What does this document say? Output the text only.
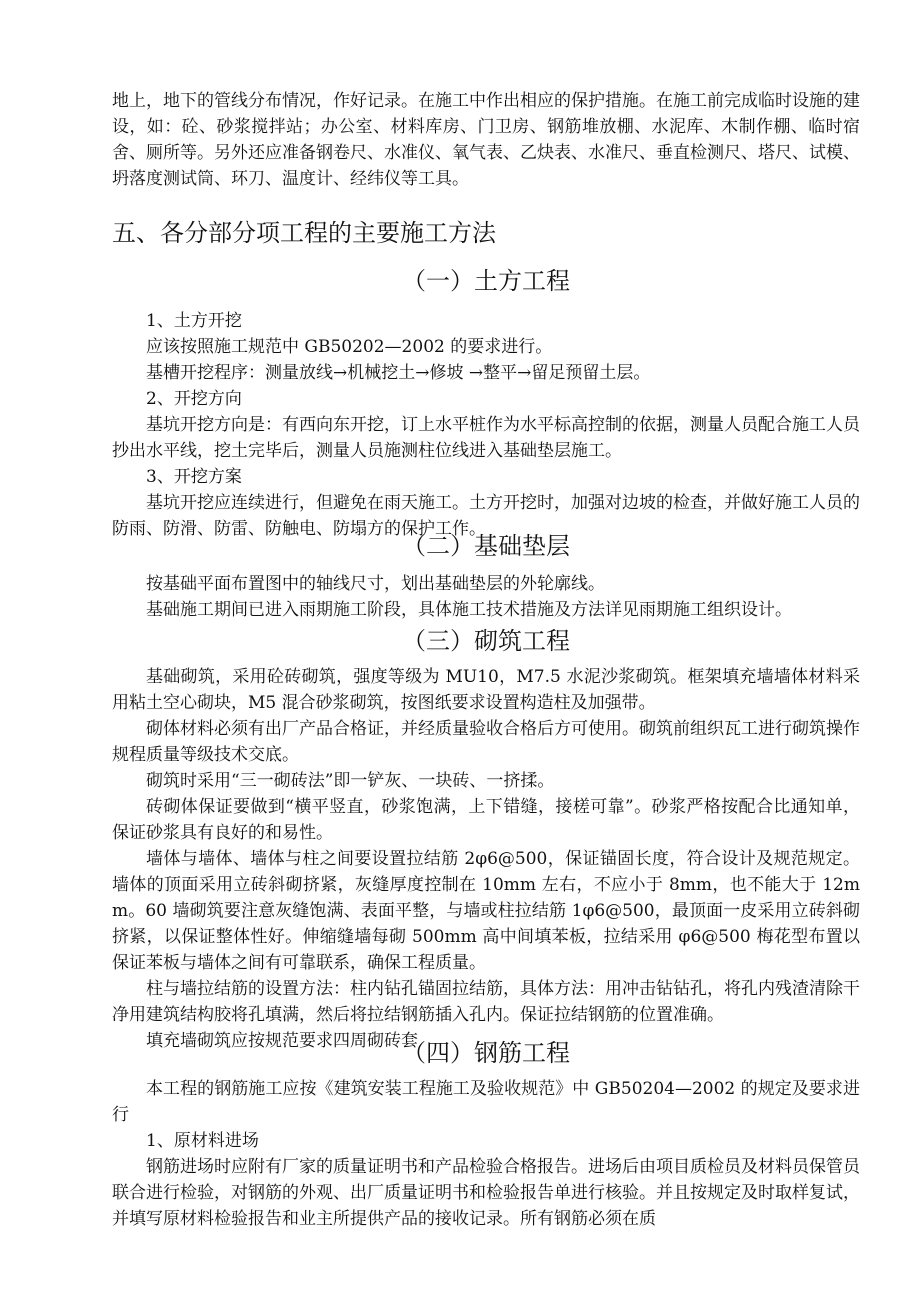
地上，地下的管线分布情况，作好记录。在施工中作出相应的保护措施。在施工前完成临时设施的建设，如：砼、砂浆搅拌站；办公室、材料库房、门卫房、钢筋堆放棚、水泥库、木制作棚、临时宿舍、厕所等。另外还应准备钢卷尺、水准仪、氧气表、乙炔表、水准尺、垂直检测尺、塔尺、试模、坍落度测试筒、环刀、温度计、经纬仪等工具。

五、各分部分项工程的主要施工方法
（一）土方工程

1、土方开挖

应该按照施工规范中 GB50202—2002 的要求进行。

基槽开挖程序：测量放线→机械挖土→修坡 →整平→留足预留土层。

2、开挖方向

基坑开挖方向是：有西向东开挖，订上水平桩作为水平标高控制的依据，测量人员配合施工人员抄出水平线，挖土完毕后，测量人员施测柱位线进入基础垫层施工。

3、开挖方案

基坑开挖应连续进行，但避免在雨天施工。土方开挖时，加强对边坡的检查，并做好施工人员的防雨、防滑、防雷、防触电、防塌方的保护工作。

（二）基础垫层

按基础平面布置图中的轴线尺寸，划出基础垫层的外轮廓线。

基础施工期间已进入雨期施工阶段，具体施工技术措施及方法详见雨期施工组织设计。

（三）砌筑工程

基础砌筑，采用砼砖砌筑，强度等级为 MU10，M7.5 水泥沙浆砌筑。框架填充墙墙体材料采用粘土空心砌块，M5 混合砂浆砌筑，按图纸要求设置构造柱及加强带。

砌体材料必须有出厂产品合格证，并经质量验收合格后方可使用。砌筑前组织瓦工进行砌筑操作规程质量等级技术交底。

砌筑时采用“三一砌砖法”即一铲灰、一块砖、一挤揉。

砖砌体保证要做到“横平竖直，砂浆饱满，上下错缝，接槎可靠”。砂浆严格按配合比通知单，保证砂浆具有良好的和易性。

墙体与墙体、墙体与柱之间要设置拉结筋 2φ6@500，保证锚固长度，符合设计及规范规定。墙体的顶面采用立砖斜砌挤紧，灰缝厚度控制在 10mm 左右，不应小于 8mm，也不能大于 12mm。60 墙砌筑要注意灰缝饱满、表面平整，与墙或柱拉结筋 1φ6@500，最顶面一皮采用立砖斜砌挤紧，以保证整体性好。伸缩缝墙每砌 500mm 高中间填苯板，拉结采用 φ6@500 梅花型布置以保证苯板与墙体之间有可靠联系，确保工程质量。

柱与墙拉结筋的设置方法：柱内钻孔锚固拉结筋，具体方法：用冲击钻钻孔，将孔内残渣清除干净用建筑结构胶将孔填满，然后将拉结钢筋插入孔内。保证拉结钢筋的位置准确。

填充墙砌筑应按规范要求四周砌砖套

（四）钢筋工程

本工程的钢筋施工应按《建筑安装工程施工及验收规范》中 GB50204—2002 的规定及要求进行

1、原材料进场

钢筋进场时应附有厂家的质量证明书和产品检验合格报告。进场后由项目质检员及材料员保管员联合进行检验，对钢筋的外观、出厂质量证明书和检验报告单进行核验。并且按规定及时取样复试，并填写原材料检验报告和业主所提供产品的接收记录。所有钢筋必须在质
